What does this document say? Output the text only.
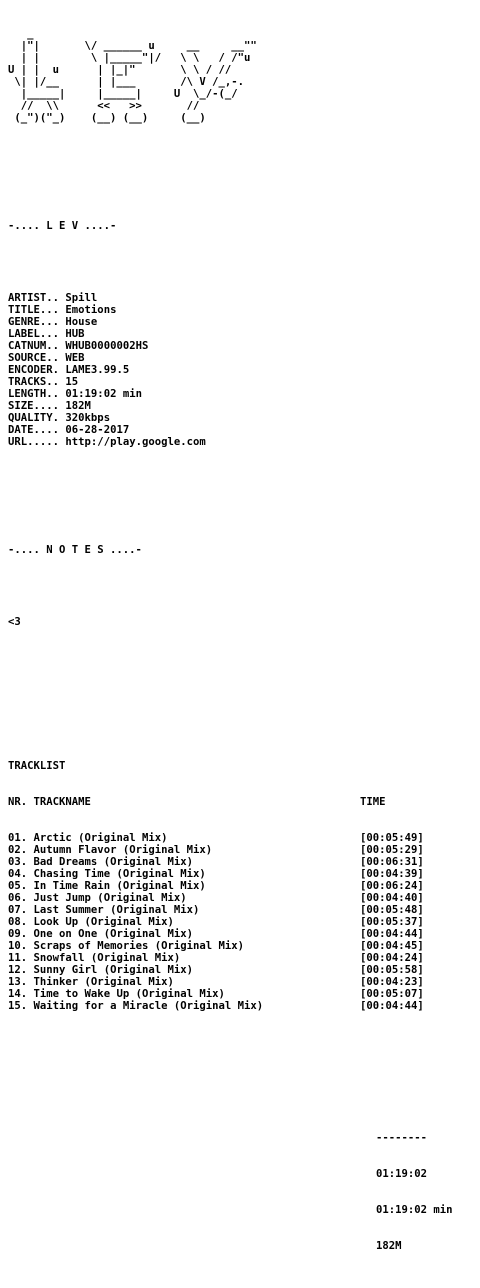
_
|"|       \/ ______ u     __     __""
| |        \ |_____"|/   \ \   / /"u
U | |  u      | |_|"       \ \ / //
\| |/__      | |___       /\ V /_,-.
|_____|     |_____|     U  \_/-(_/
//  \\      <<   >>       //
(_")("_)    (__) (__)     (__)

-.... L E V ....-

ARTIST.. Spill
TITLE... Emotions
GENRE... House
LABEL... HUB
CATNUM.. WHUB0000002HS
SOURCE.. WEB
ENCODER. LAME3.99.5
TRACKS.. 15
LENGTH.. 01:19:02 min
SIZE.... 182M
QUALITY. 320kbps
DATE.... 06-28-2017
URL..... http://play.google.com

-.... N O T E S ....-

<3

TRACKLIST

NR. TRACKNAME	TIME

01. Arctic (Original Mix)	[00:05:49]
02. Autumn Flavor (Original Mix)	[00:05:29]
03. Bad Dreams (Original Mix)	[00:06:31]
04. Chasing Time (Original Mix)	[00:04:39]
05. In Time Rain (Original Mix)	[00:06:24]
06. Just Jump (Original Mix)	[00:04:40]
07. Last Summer (Original Mix)	[00:05:48]
08. Look Up (Original Mix)	[00:05:37]
09. One on One (Original Mix)	[00:04:44]
10. Scraps of Memories (Original Mix)	[00:04:45]
11. Snowfall (Original Mix)	[00:04:24]
12. Sunny Girl (Original Mix)	[00:05:58]
13. Thinker (Original Mix)	[00:04:23]
14. Time to Wake Up (Original Mix)	[00:05:07]
15. Waiting for a Miracle (Original Mix)	[00:04:44]

--------

01:19:02

01:19:02 min

182M
